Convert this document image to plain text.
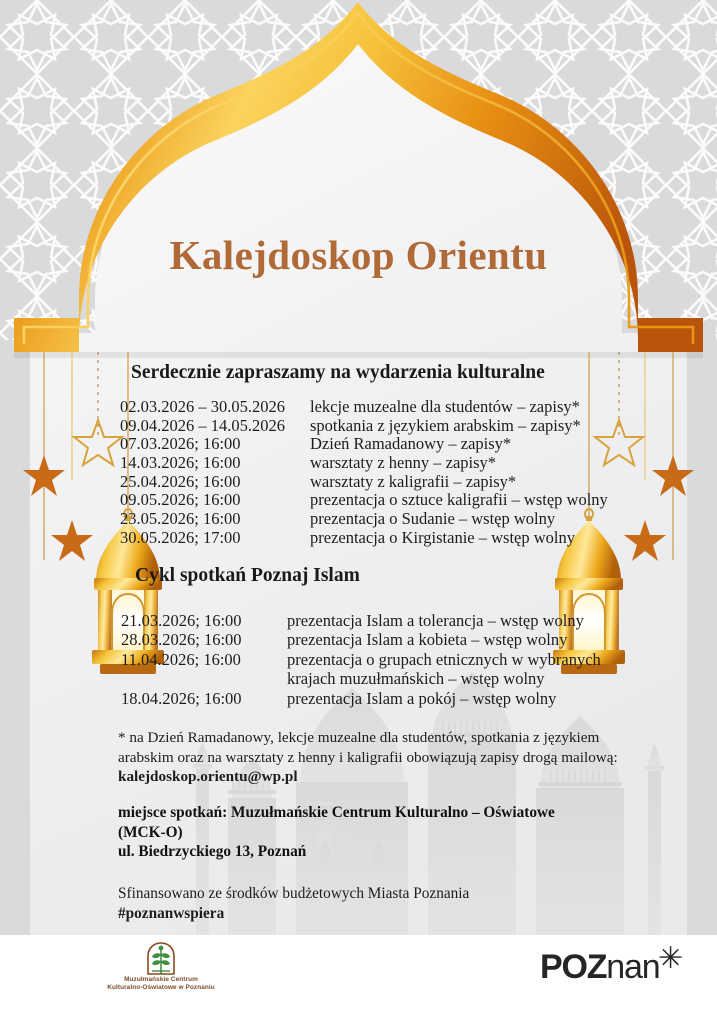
Kalejdoskop Orientu
Serdecznie zapraszamy na wydarzenia kulturalne
02.03.2026 – 30.05.2026 lekcje muzealne dla studentów – zapisy*
09.04.2026 – 14.05.2026 spotkania z językiem arabskim – zapisy*
07.03.2026; 16:00	Dzień Ramadanowy – zapisy*
14.03.2026; 16:00	warsztaty z henny – zapisy*
25.04.2026; 16:00	warsztaty z kaligrafii – zapisy*
09.05.2026; 16:00	prezentacja o sztuce kaligrafii – wstęp wolny
23.05.2026; 16:00	prezentacja o Sudanie – wstęp wolny
30.05.2026; 17:00	prezentacja o Kirgistanie – wstęp wolny
Cykl spotkań Poznaj Islam
21.03.2026; 16:00	prezentacja Islam a tolerancja – wstęp wolny
28.03.2026; 16:00	prezentacja Islam a kobieta – wstęp wolny
11.04.2026; 16:00	prezentacja o grupach etnicznych w wybranych
krajach muzułmańskich – wstęp wolny
18.04.2026; 16:00	prezentacja Islam a pokój – wstęp wolny
* na Dzień Ramadanowy, lekcje muzealne dla studentów, spotkania z językiem
arabskim oraz na warsztaty z henny i kaligrafii obowiązują zapisy drogą mailową:
kalejdoskop.orientu@wp.pl
miejsce spotkań: Muzułmańskie Centrum Kulturalno – Oświatowe
(MCK-O)
ul. Biedrzyckiego 13, Poznań
Sfinansowano ze środków budżetowych Miasta Poznania
#poznanwspiera
Muzułmańskie Centrum
Kulturalno-Oświatowe w Poznaniu
POZnan
✳
